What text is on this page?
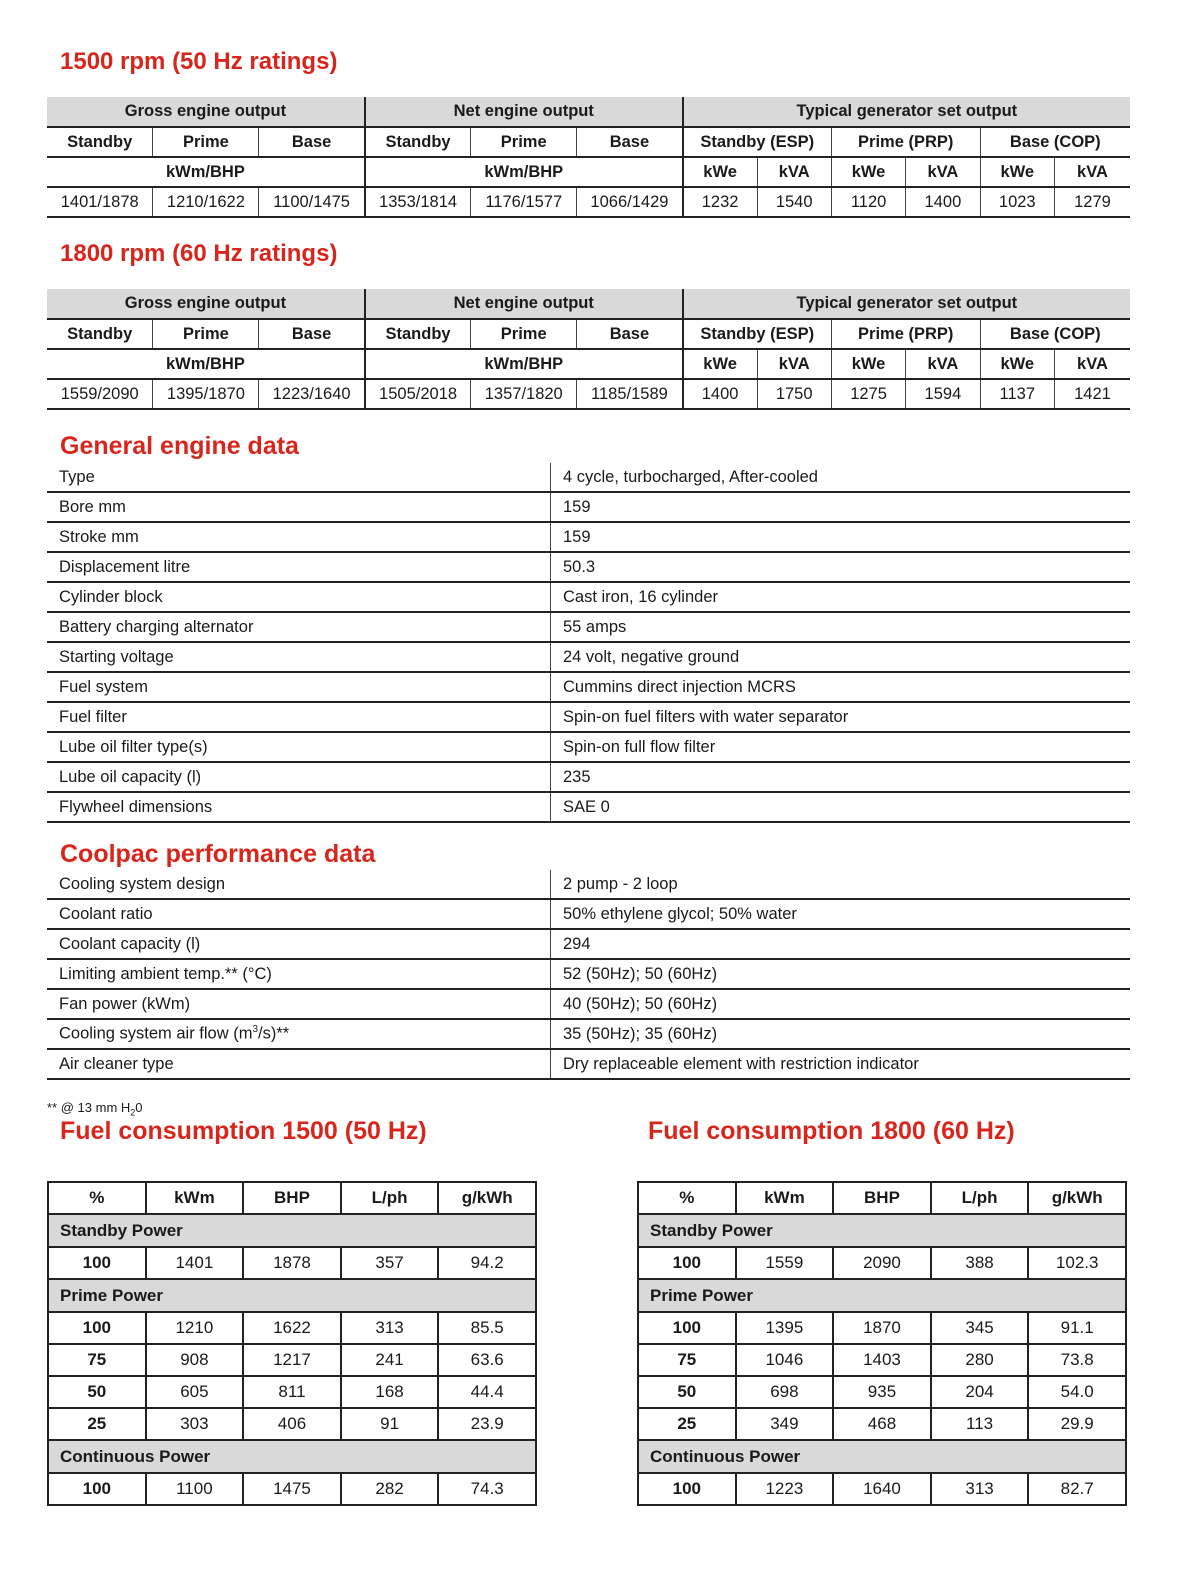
1500 rpm (50 Hz ratings)
Gross engine output			Net engine output			Typical generator set output					
Standby	Prime	Base	Standby	Prime	Base	Standby (ESP)		Prime (PRP)		Base (COP)	
kWm/BHP			kWm/BHP			kWe	kVA	kWe	kVA	kWe	kVA
1401/1878	1210/1622	1100/1475	1353/1814	1176/1577	1066/1429	1232	1540	1120	1400	1023	1279
1800 rpm (60 Hz ratings)
Gross engine output			Net engine output			Typical generator set output					
Standby	Prime	Base	Standby	Prime	Base	Standby (ESP)		Prime (PRP)		Base (COP)	
kWm/BHP			kWm/BHP			kWe	kVA	kWe	kVA	kWe	kVA
1559/2090	1395/1870	1223/1640	1505/2018	1357/1820	1185/1589	1400	1750	1275	1594	1137	1421
General engine data
Type	4 cycle, turbocharged, After-cooled
Bore mm	159
Stroke mm	159
Displacement litre	50.3
Cylinder block	Cast iron, 16 cylinder
Battery charging alternator	55 amps
Starting voltage	24 volt, negative ground
Fuel system	Cummins direct injection MCRS
Fuel filter	Spin-on fuel filters with water separator
Lube oil filter type(s)	Spin-on full flow filter
Lube oil capacity (l)	235
Flywheel dimensions	SAE 0
Coolpac performance data
Cooling system design	2 pump - 2 loop
Coolant ratio	50% ethylene glycol; 50% water
Coolant capacity (l)	294
Limiting ambient temp.** (°C)	52 (50Hz); 50 (60Hz)
Fan power (kWm)	40 (50Hz); 50 (60Hz)
Cooling system air flow $(m^3/s)**$	35 (50Hz); 35 (60Hz)
Air cleaner type	Dry replaceable element with restriction indicator
** @ 13 mm $H_20$
Fuel consumption 1500 (50 Hz)	Fuel consumption 1800 (60 Hz)
%	kWm	BHP	L/ph	g/kWh
Standby Power				
100	1401	1878	357	94.2
Prime Power				
100	1210	1622	313	85.5
75	908	1217	241	63.6
50	605	811	168	44.4
25	303	406	91	23.9
Continuous Power				
100	1100	1475	282	74.3
%	kWm	BHP	L/ph	g/kWh
Standby Power				
100	1559	2090	388	102.3
Prime Power				
100	1395	1870	345	91.1
75	1046	1403	280	73.8
50	698	935	204	54.0
25	349	468	113	29.9
Continuous Power				
100	1223	1640	313	82.7
